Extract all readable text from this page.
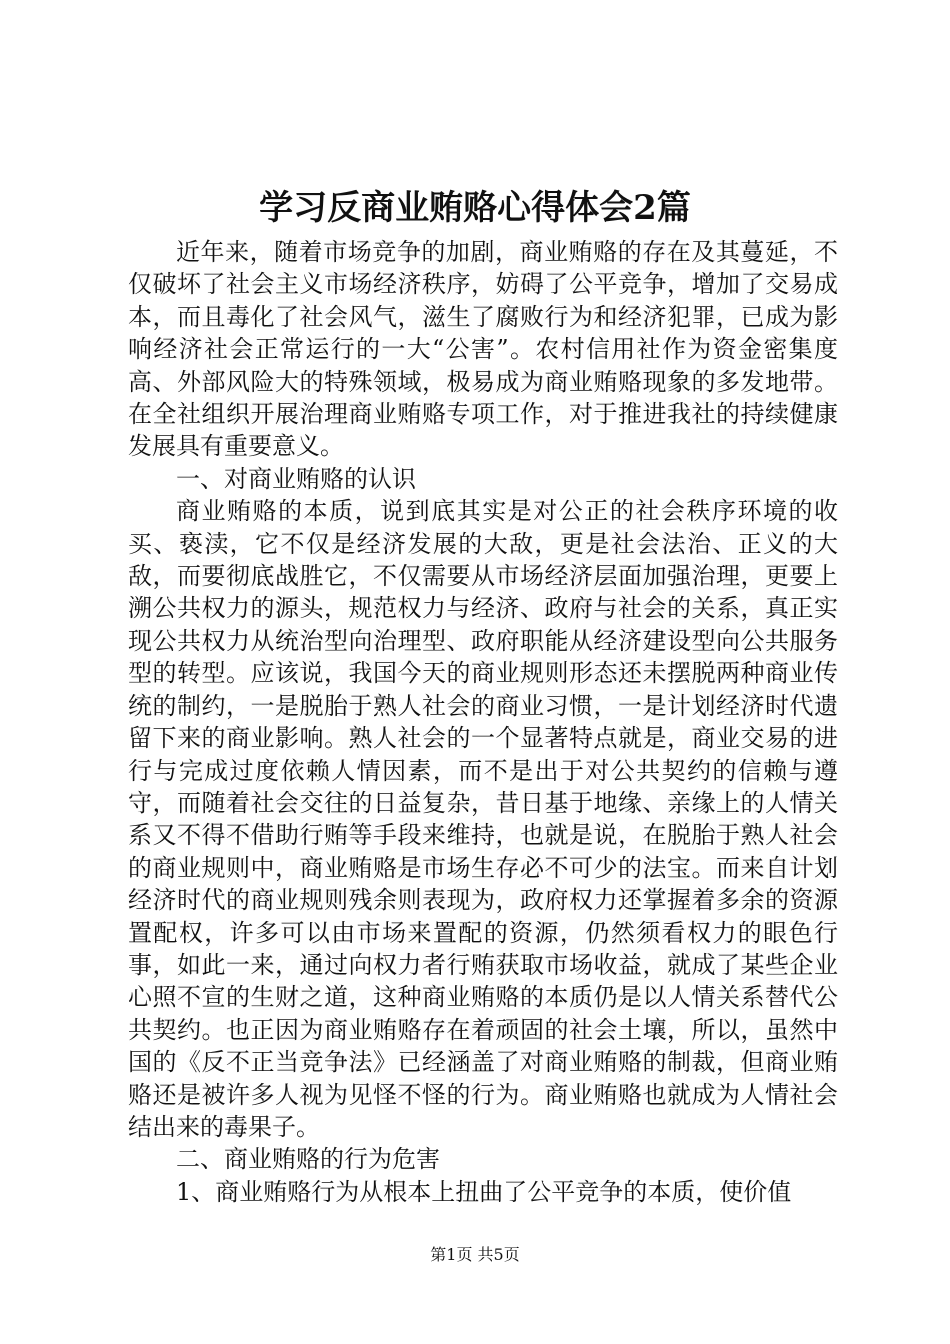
学习反商业贿赂心得体会2篇

近年来，随着市场竞争的加剧，商业贿赂的存在及其蔓延，不仅破坏了社会主义市场经济秩序，妨碍了公平竞争，增加了交易成本，而且毒化了社会风气，滋生了腐败行为和经济犯罪，已成为影响经济社会正常运行的一大“公害”。农村信用社作为资金密集度高、外部风险大的特殊领域，极易成为商业贿赂现象的多发地带。在全社组织开展治理商业贿赂专项工作，对于推进我社的持续健康发展具有重要意义。

一、对商业贿赂的认识

商业贿赂的本质，说到底其实是对公正的社会秩序环境的收买、亵渎，它不仅是经济发展的大敌，更是社会法治、正义的大敌，而要彻底战胜它，不仅需要从市场经济层面加强治理，更要上溯公共权力的源头，规范权力与经济、政府与社会的关系，真正实现公共权力从统治型向治理型、政府职能从经济建设型向公共服务型的转型。应该说，我国今天的商业规则形态还未摆脱两种商业传统的制约，一是脱胎于熟人社会的商业习惯，一是计划经济时代遗留下来的商业影响。熟人社会的一个显著特点就是，商业交易的进行与完成过度依赖人情因素，而不是出于对公共契约的信赖与遵守，而随着社会交往的日益复杂，昔日基于地缘、亲缘上的人情关系又不得不借助行贿等手段来维持，也就是说，在脱胎于熟人社会的商业规则中，商业贿赂是市场生存必不可少的法宝。而来自计划经济时代的商业规则残余则表现为，政府权力还掌握着多余的资源置配权，许多可以由市场来置配的资源，仍然须看权力的眼色行事，如此一来，通过向权力者行贿获取市场收益，就成了某些企业心照不宣的生财之道，这种商业贿赂的本质仍是以人情关系替代公共契约。也正因为商业贿赂存在着顽固的社会土壤，所以，虽然中国的《反不正当竞争法》已经涵盖了对商业贿赂的制裁，但商业贿赂还是被许多人视为见怪不怪的行为。商业贿赂也就成为人情社会结出来的毒果子。

二、商业贿赂的行为危害

1、商业贿赂行为从根本上扭曲了公平竞争的本质，使价值

第1页 共5页
